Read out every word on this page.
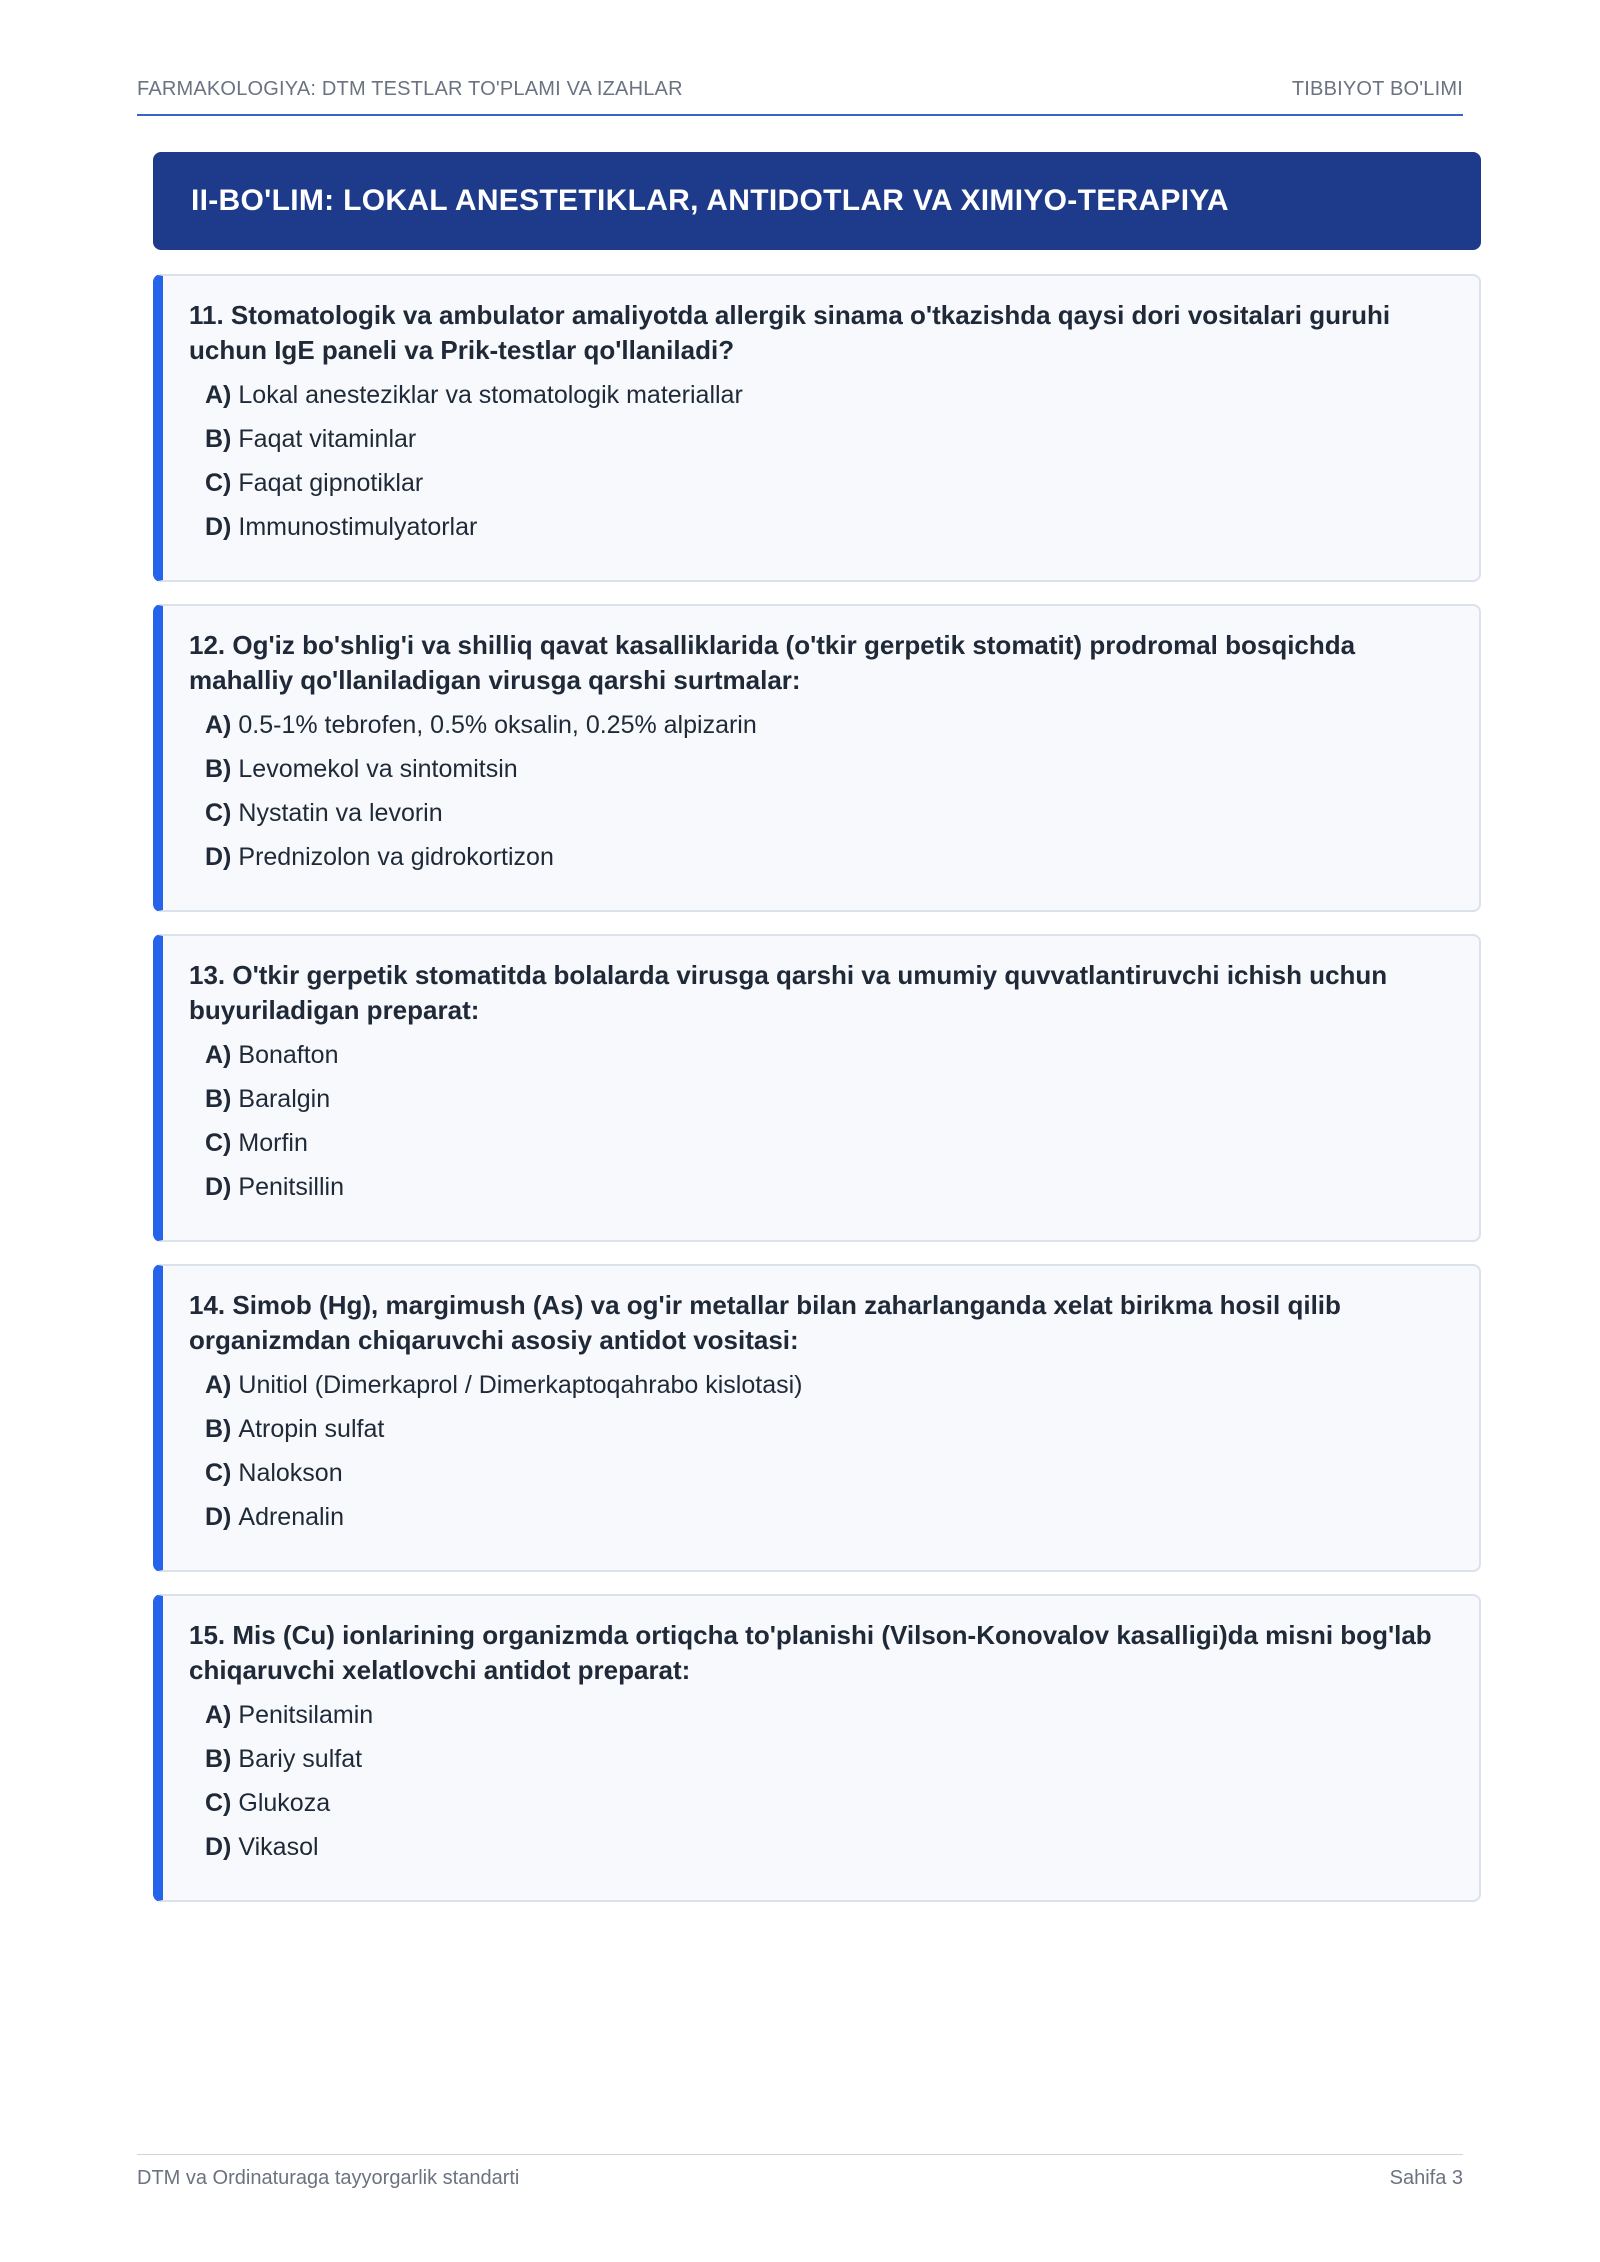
FARMAKOLOGIYA: DTM TESTLAR TO'PLAMI VA IZAHLAR	TIBBIYOT BO'LIMI
II-BO'LIM: LOKAL ANESTETIKLAR, ANTIDOTLAR VA XIMIYO-TERAPIYA
11. Stomatologik va ambulator amaliyotda allergik sinama o'tkazishda qaysi dori vositalari guruhi uchun IgE paneli va Prik-testlar qo'llaniladi?
A) Lokal anesteziklar va stomatologik materiallar
B) Faqat vitaminlar
C) Faqat gipnotiklar
D) Immunostimulyatorlar
12. Og'iz bo'shlig'i va shilliq qavat kasalliklarida (o'tkir gerpetik stomatit) prodromal bosqichda mahalliy qo'llaniladigan virusga qarshi surtmalar:
A) 0.5-1% tebrofen, 0.5% oksalin, 0.25% alpizarin
B) Levomekol va sintomitsin
C) Nystatin va levorin
D) Prednizolon va gidrokortizon
13. O'tkir gerpetik stomatitda bolalarda virusga qarshi va umumiy quvvatlantiruvchi ichish uchun buyuriladigan preparat:
A) Bonafton
B) Baralgin
C) Morfin
D) Penitsillin
14. Simob (Hg), margimush (As) va og'ir metallar bilan zaharlanganda xelat birikma hosil qilib organizmdan chiqaruvchi asosiy antidot vositasi:
A) Unitiol (Dimerkaprol / Dimerkaptoqahrabo kislotasi)
B) Atropin sulfat
C) Nalokson
D) Adrenalin
15. Mis (Cu) ionlarining organizmda ortiqcha to'planishi (Vilson-Konovalov kasalligi)da misni bog'lab chiqaruvchi xelatlovchi antidot preparat:
A) Penitsilamin
B) Bariy sulfat
C) Glukoza
D) Vikasol
DTM va Ordinaturaga tayyorgarlik standarti	Sahifa 3
